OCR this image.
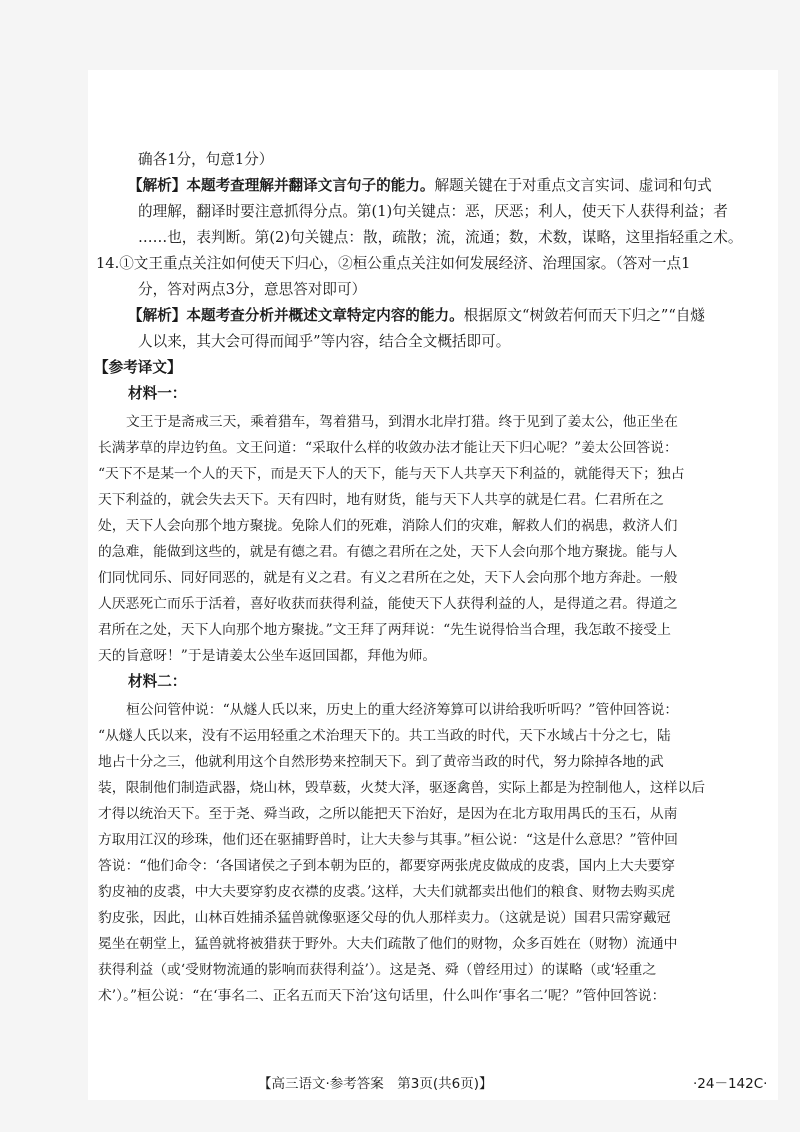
确各1分，句意1分）
【解析】本题考查理解并翻译文言句子的能力。解题关键在于对重点文言实词、虚词和句式
的理解，翻译时要注意抓得分点。第(1)句关键点：恶，厌恶；利人，使天下人获得利益；者
……也，表判断。第(2)句关键点：散，疏散；流，流通；数，术数，谋略，这里指轻重之术。
14.①文王重点关注如何使天下归心，②桓公重点关注如何发展经济、治理国家。（答对一点1
分，答对两点3分，意思答对即可）
【解析】本题考查分析并概述文章特定内容的能力。根据原文“树敛若何而天下归之”“自燧
人以来，其大会可得而闻乎”等内容，结合全文概括即可。
【参考译文】
材料一：
文王于是斋戒三天，乘着猎车，驾着猎马，到渭水北岸打猎。终于见到了姜太公，他正坐在
长满茅草的岸边钓鱼。文王问道：“采取什么样的收敛办法才能让天下归心呢？”姜太公回答说：
“天下不是某一个人的天下，而是天下人的天下，能与天下人共享天下利益的，就能得天下；独占
天下利益的，就会失去天下。天有四时，地有财货，能与天下人共享的就是仁君。仁君所在之
处，天下人会向那个地方聚拢。免除人们的死难，消除人们的灾难，解救人们的祸患，救济人们
的急难，能做到这些的，就是有德之君。有德之君所在之处，天下人会向那个地方聚拢。能与人
们同忧同乐、同好同恶的，就是有义之君。有义之君所在之处，天下人会向那个地方奔赴。一般
人厌恶死亡而乐于活着，喜好收获而获得利益，能使天下人获得利益的人，是得道之君。得道之
君所在之处，天下人向那个地方聚拢。”文王拜了两拜说：“先生说得恰当合理，我怎敢不接受上
天的旨意呀！”于是请姜太公坐车返回国都，拜他为师。
材料二：
桓公问管仲说：“从燧人氏以来，历史上的重大经济筹算可以讲给我听听吗？”管仲回答说：
“从燧人氏以来，没有不运用轻重之术治理天下的。共工当政的时代，天下水域占十分之七，陆
地占十分之三，他就利用这个自然形势来控制天下。到了黄帝当政的时代，努力除掉各地的武
装，限制他们制造武器，烧山林，毁草薮，火焚大泽，驱逐禽兽，实际上都是为控制他人，这样以后
才得以统治天下。至于尧、舜当政，之所以能把天下治好，是因为在北方取用禺氏的玉石，从南
方取用江汉的珍珠，他们还在驱捕野兽时，让大夫参与其事。”桓公说：“这是什么意思？”管仲回
答说：“他们命令：‘各国诸侯之子到本朝为臣的，都要穿两张虎皮做成的皮裘，国内上大夫要穿
豹皮袖的皮裘，中大夫要穿豹皮衣襟的皮裘。’这样，大夫们就都卖出他们的粮食、财物去购买虎
豹皮张，因此，山林百姓捕杀猛兽就像驱逐父母的仇人那样卖力。（这就是说）国君只需穿戴冠
冕坐在朝堂上，猛兽就将被猎获于野外。大夫们疏散了他们的财物，众多百姓在（财物）流通中
获得利益（或‘受财物流通的影响而获得利益’）。这是尧、舜（曾经用过）的谋略（或‘轻重之
术’）。”桓公说：“在‘事名二、正名五而天下治’这句话里，什么叫作‘事名二’呢？”管仲回答说：
【高三语文·参考答案　第3页(共6页)】	·24－142C·
